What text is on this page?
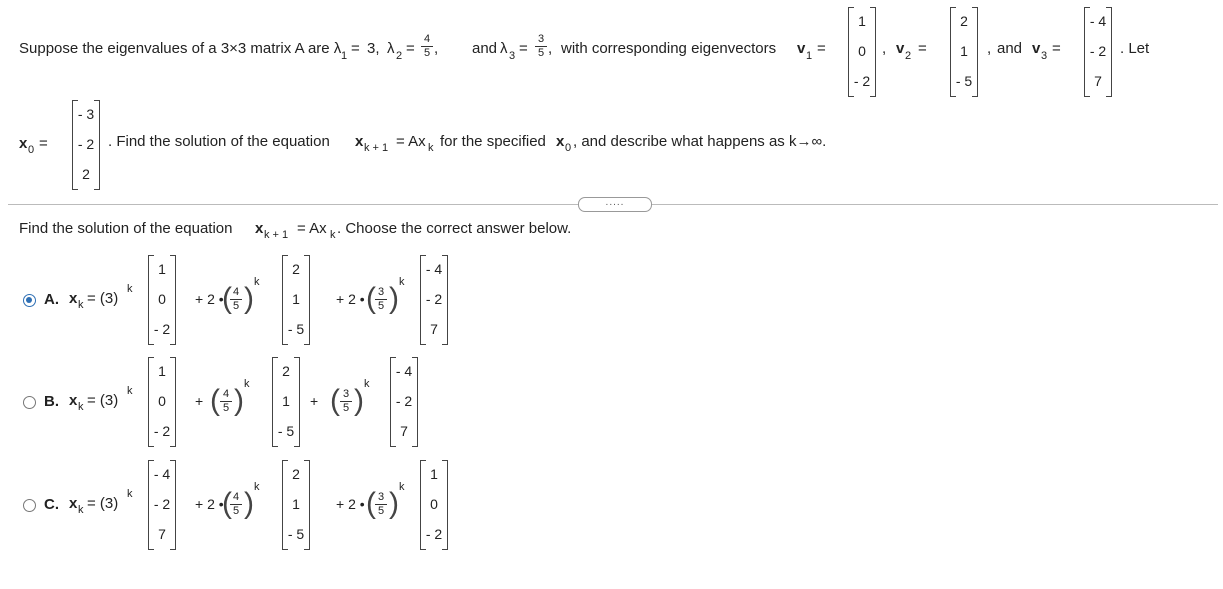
Suppose the eigenvalues of a 3×3 matrix A are λ 1 = 3, λ 2 =
4
5 , and λ 3 =
3
5 , with corresponding eigenvectors v 1 =
1
0
- 2
, v 2 =
2
1
- 5
, and v 3 =
- 4
- 2
7
. Let
x 0 =
- 3
- 2
2
. Find the solution of the equation x k + 1 = Ax k for the specified x 0 , and describe what happens as k→∞.
.....
Find the solution of the equation x k + 1 = Ax k . Choose the correct answer below.
A. x k = (3)
k
1
0
- 2
+ 2 •
( 4
5 ) k
2
1
- 5
+ 2 • ( 3
5 ) k
- 4
- 2
7
B. x k = (3)
k
1
0
- 2
+ ( 4
5 ) k
2
1
- 5
+ ( 3
5 ) k
- 4
- 2
7
C. x k = (3)
k
- 4
- 2
7
+ 2 •
( 4
5 ) k
2
1
- 5
+ 2 • ( 3
5 ) k
1
0
- 2
